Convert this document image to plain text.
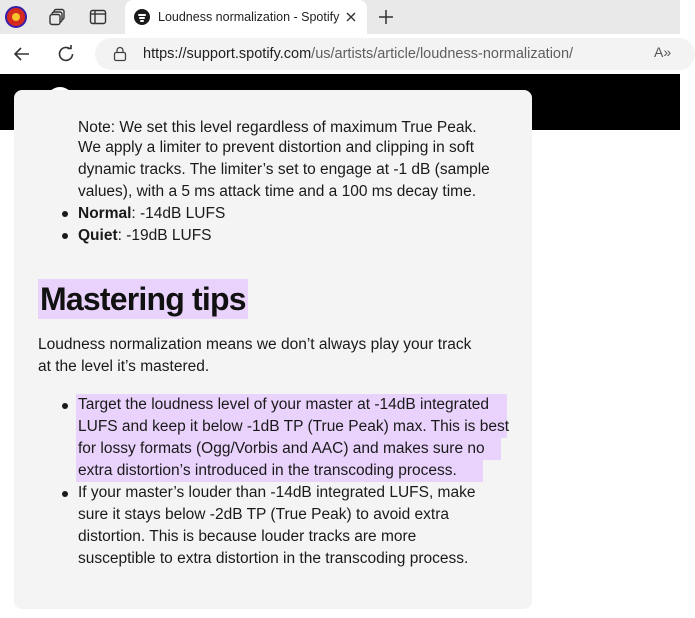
Loudness normalization - Spotify
https://support.spotify.com/us/artists/article/loudness-normalization/	A»
Note: We set this level regardless of maximum True Peak.
We apply a limiter to prevent distortion and clipping in soft
dynamic tracks. The limiter’s set to engage at -1 dB (sample
values), with a 5 ms attack time and a 100 ms decay time.
Normal: -14dB LUFS
Quiet: -19dB LUFS
Mastering tips
Loudness normalization means we don’t always play your track
at the level it’s mastered.
Target the loudness level of your master at -14dB integrated
LUFS and keep it below -1dB TP (True Peak) max. This is best
for lossy formats (Ogg/Vorbis and AAC) and makes sure no
extra distortion’s introduced in the transcoding process.
If your master’s louder than -14dB integrated LUFS, make
sure it stays below -2dB TP (True Peak) to avoid extra
distortion. This is because louder tracks are more
susceptible to extra distortion in the transcoding process.
